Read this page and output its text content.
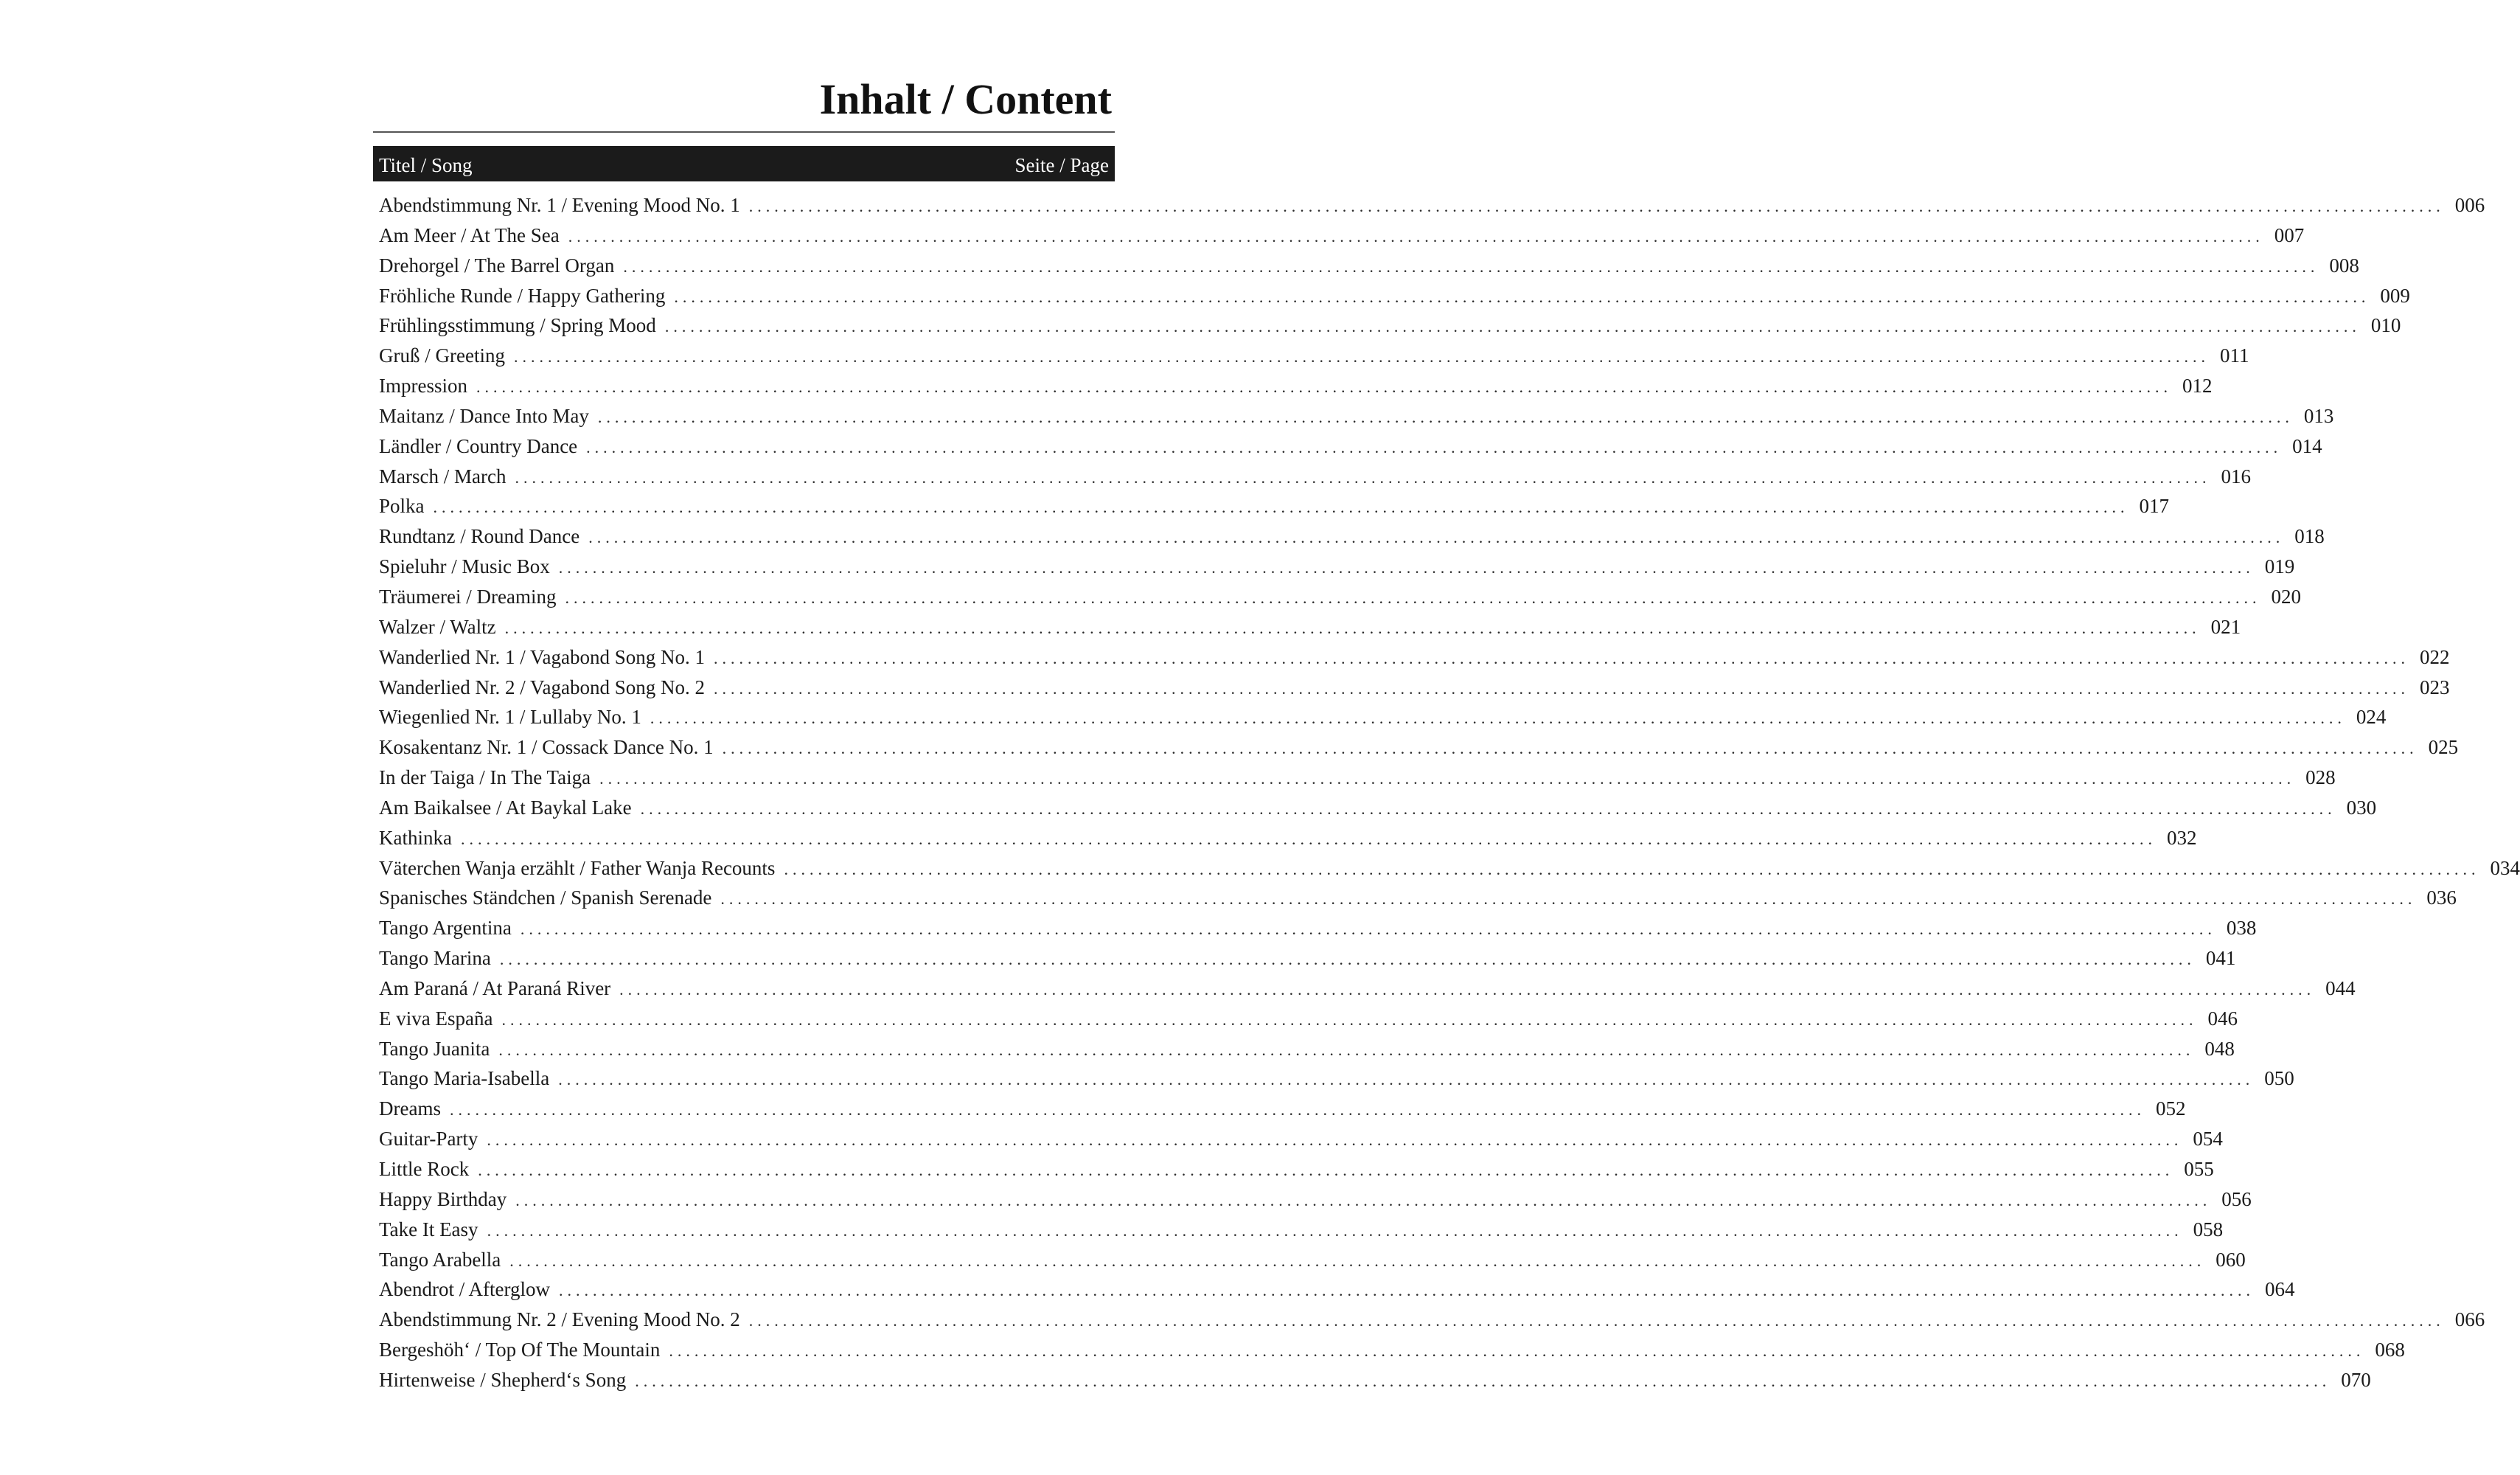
Inhalt / Content
Titel / Song	Seite / Page
Abendstimmung Nr. 1 / Evening Mood No. 1 ........................................................................................................................................................................................................ 006
Am Meer / At The Sea ........................................................................................................................................................................................................ 007
Drehorgel / The Barrel Organ ........................................................................................................................................................................................................ 008
Fröhliche Runde / Happy Gathering ........................................................................................................................................................................................................ 009
Frühlingsstimmung / Spring Mood ........................................................................................................................................................................................................ 010
Gruß / Greeting ........................................................................................................................................................................................................ 011
Impression ........................................................................................................................................................................................................ 012
Maitanz / Dance Into May ........................................................................................................................................................................................................ 013
Ländler / Country Dance ........................................................................................................................................................................................................ 014
Marsch / March ........................................................................................................................................................................................................ 016
Polka ........................................................................................................................................................................................................ 017
Rundtanz / Round Dance ........................................................................................................................................................................................................ 018
Spieluhr / Music Box ........................................................................................................................................................................................................ 019
Träumerei / Dreaming ........................................................................................................................................................................................................ 020
Walzer / Waltz ........................................................................................................................................................................................................ 021
Wanderlied Nr. 1 / Vagabond Song No. 1 ........................................................................................................................................................................................................ 022
Wanderlied Nr. 2 / Vagabond Song No. 2 ........................................................................................................................................................................................................ 023
Wiegenlied Nr. 1 / Lullaby No. 1 ........................................................................................................................................................................................................ 024
Kosakentanz Nr. 1 / Cossack Dance No. 1 ........................................................................................................................................................................................................ 025
In der Taiga / In The Taiga ........................................................................................................................................................................................................ 028
Am Baikalsee / At Baykal Lake ........................................................................................................................................................................................................ 030
Kathinka ........................................................................................................................................................................................................ 032
Väterchen Wanja erzählt / Father Wanja Recounts ........................................................................................................................................................................................................ 034
Spanisches Ständchen / Spanish Serenade ........................................................................................................................................................................................................ 036
Tango Argentina ........................................................................................................................................................................................................ 038
Tango Marina ........................................................................................................................................................................................................ 041
Am Paraná / At Paraná River ........................................................................................................................................................................................................ 044
E viva España ........................................................................................................................................................................................................ 046
Tango Juanita ........................................................................................................................................................................................................ 048
Tango Maria-Isabella ........................................................................................................................................................................................................ 050
Dreams ........................................................................................................................................................................................................ 052
Guitar-Party ........................................................................................................................................................................................................ 054
Little Rock ........................................................................................................................................................................................................ 055
Happy Birthday ........................................................................................................................................................................................................ 056
Take It Easy ........................................................................................................................................................................................................ 058
Tango Arabella ........................................................................................................................................................................................................ 060
Abendrot / Afterglow ........................................................................................................................................................................................................ 064
Abendstimmung Nr. 2 / Evening Mood No. 2 ........................................................................................................................................................................................................ 066
Bergeshöh‘ / Top Of The Mountain ........................................................................................................................................................................................................ 068
Hirtenweise / Shepherd‘s Song ........................................................................................................................................................................................................ 070
